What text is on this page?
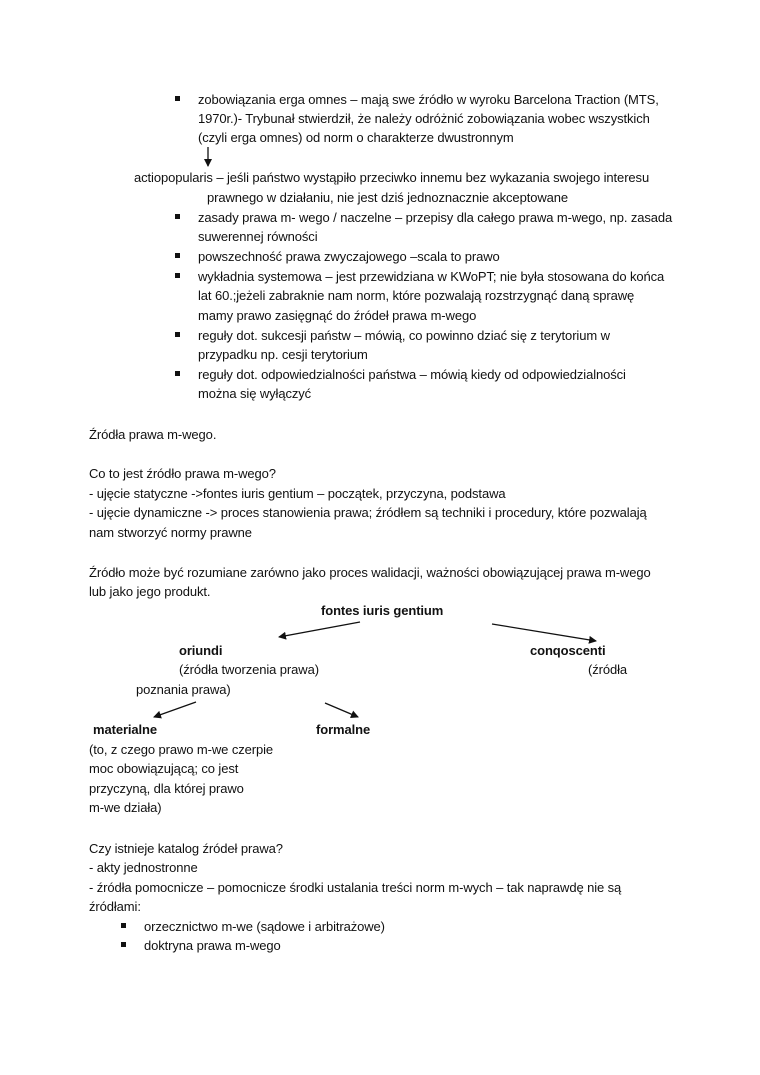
zobowiązania erga omnes – mają swe źródło w wyroku Barcelona Traction (MTS,
1970r.)- Trybunał stwierdził, że należy odróżnić zobowiązania wobec wszystkich
(czyli erga omnes) od norm o charakterze dwustronnym
actiopopularis – jeśli państwo wystąpiło przeciwko innemu bez wykazania swojego interesu
prawnego w działaniu, nie jest dziś jednoznacznie akceptowane
zasady prawa m- wego / naczelne – przepisy dla całego prawa m-wego, np. zasada
suwerennej równości
powszechność prawa zwyczajowego –scala to prawo
wykładnia systemowa – jest przewidziana w KWoPT; nie była stosowana do końca
lat 60.;jeżeli zabraknie nam norm, które pozwalają rozstrzygnąć daną sprawę
mamy prawo zasięgnąć do źródeł prawa m-wego
reguły dot. sukcesji państw – mówią, co powinno dziać się z terytorium w
przypadku np. cesji terytorium
reguły dot. odpowiedzialności państwa – mówią kiedy od odpowiedzialności
można się wyłączyć
Źródła prawa m-wego.
Co to jest źródło prawa m-wego?
- ujęcie statyczne ->fontes iuris gentium – początek, przyczyna, podstawa
- ujęcie dynamiczne -> proces stanowienia prawa; źródłem są techniki i procedury, które pozwalają
nam stworzyć normy prawne
Źródło może być rozumiane zarówno jako proces walidacji, ważności obowiązującej prawa m-wego
lub jako jego produkt.
fontes iuris gentium
oriundi
(źródła tworzenia prawa)
conqoscenti
(źródła
poznania prawa)
materialne	formalne
(to, z czego prawo m-we czerpie
moc obowiązującą; co jest
przyczyną, dla której prawo
m-we działa)
Czy istnieje katalog źródeł prawa?
- akty jednostronne
- źródła pomocnicze – pomocnicze środki ustalania treści norm m-wych – tak naprawdę nie są
źródłami:
orzecznictwo m-we (sądowe i arbitrażowe)
doktryna prawa m-wego
